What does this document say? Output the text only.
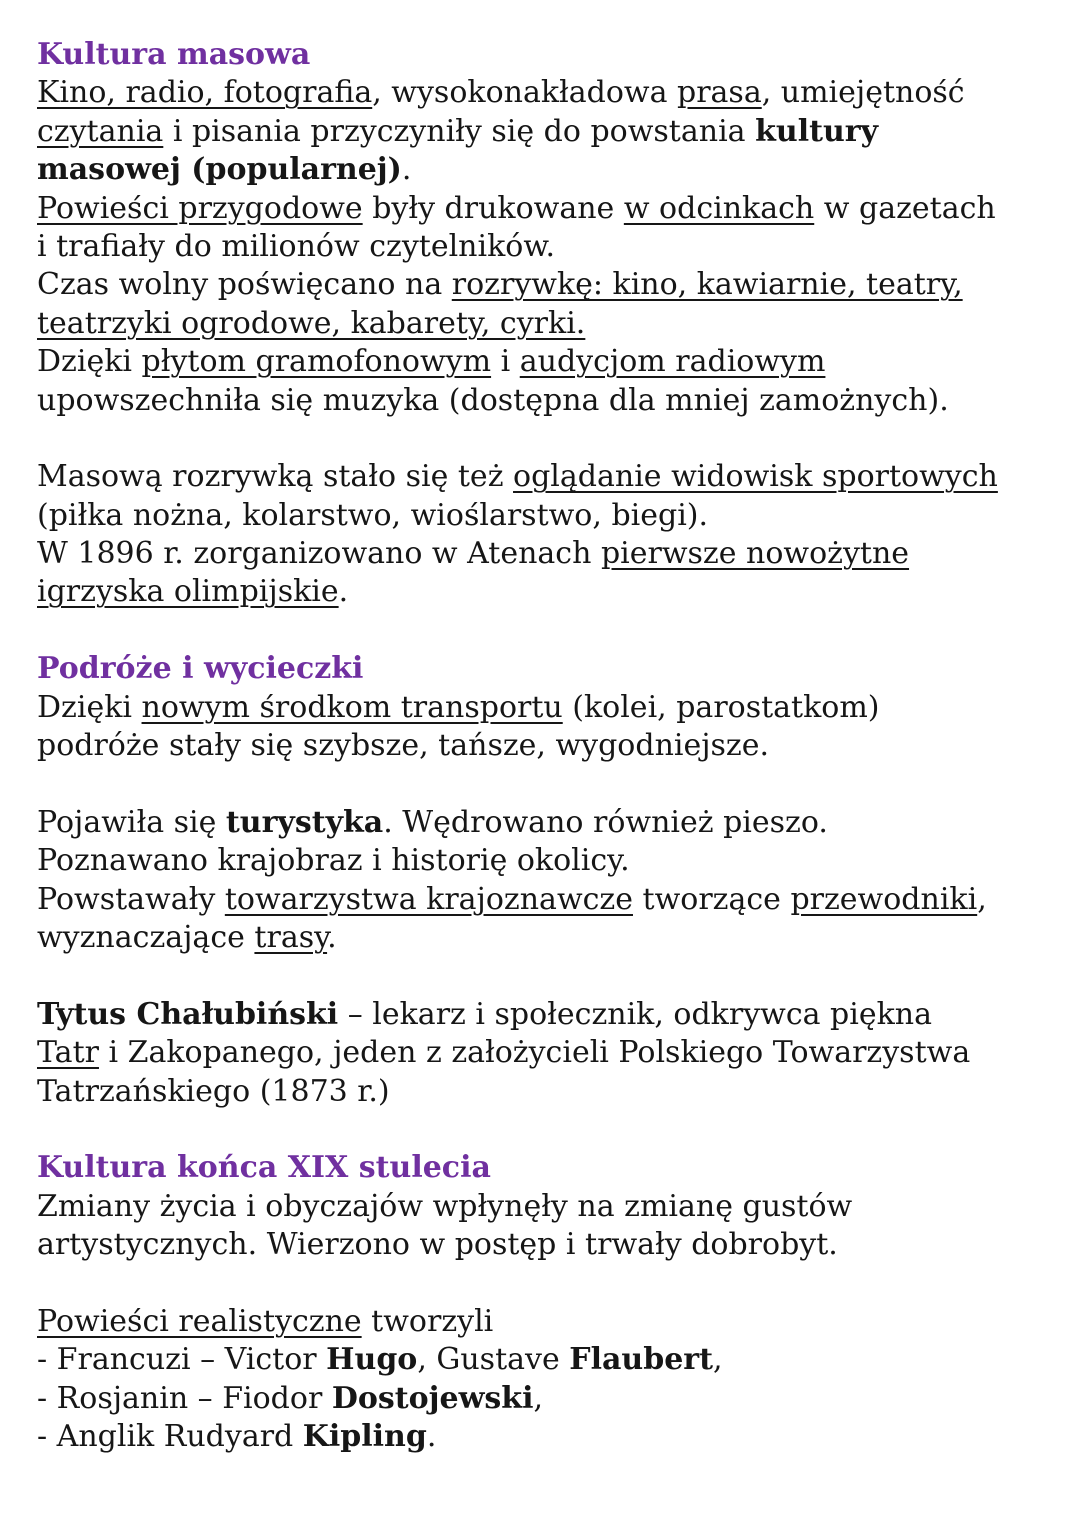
Kultura masowa
Kino, radio, fotografia, wysokonakładowa prasa, umiejętność
czytania i pisania przyczyniły się do powstania kultury
masowej (popularnej).
Powieści przygodowe były drukowane w odcinkach w gazetach
i trafiały do milionów czytelników.
Czas wolny poświęcano na rozrywkę: kino, kawiarnie, teatry,
teatrzyki ogrodowe, kabarety, cyrki.
Dzięki płytom gramofonowym i audycjom radiowym
upowszechniła się muzyka (dostępna dla mniej zamożnych).
Masową rozrywką stało się też oglądanie widowisk sportowych
(piłka nożna, kolarstwo, wioślarstwo, biegi).
W 1896 r. zorganizowano w Atenach pierwsze nowożytne
igrzyska olimpijskie.
Podróże i wycieczki
Dzięki nowym środkom transportu (kolei, parostatkom)
podróże stały się szybsze, tańsze, wygodniejsze.
Pojawiła się turystyka. Wędrowano również pieszo.
Poznawano krajobraz i historię okolicy.
Powstawały towarzystwa krajoznawcze tworzące przewodniki,
wyznaczające trasy.
Tytus Chałubiński – lekarz i społecznik, odkrywca piękna
Tatr i Zakopanego, jeden z założycieli Polskiego Towarzystwa
Tatrzańskiego (1873 r.)
Kultura końca XIX stulecia
Zmiany życia i obyczajów wpłynęły na zmianę gustów
artystycznych. Wierzono w postęp i trwały dobrobyt.
Powieści realistyczne tworzyli
- Francuzi – Victor Hugo, Gustave Flaubert,
- Rosjanin – Fiodor Dostojewski,
- Anglik Rudyard Kipling.
